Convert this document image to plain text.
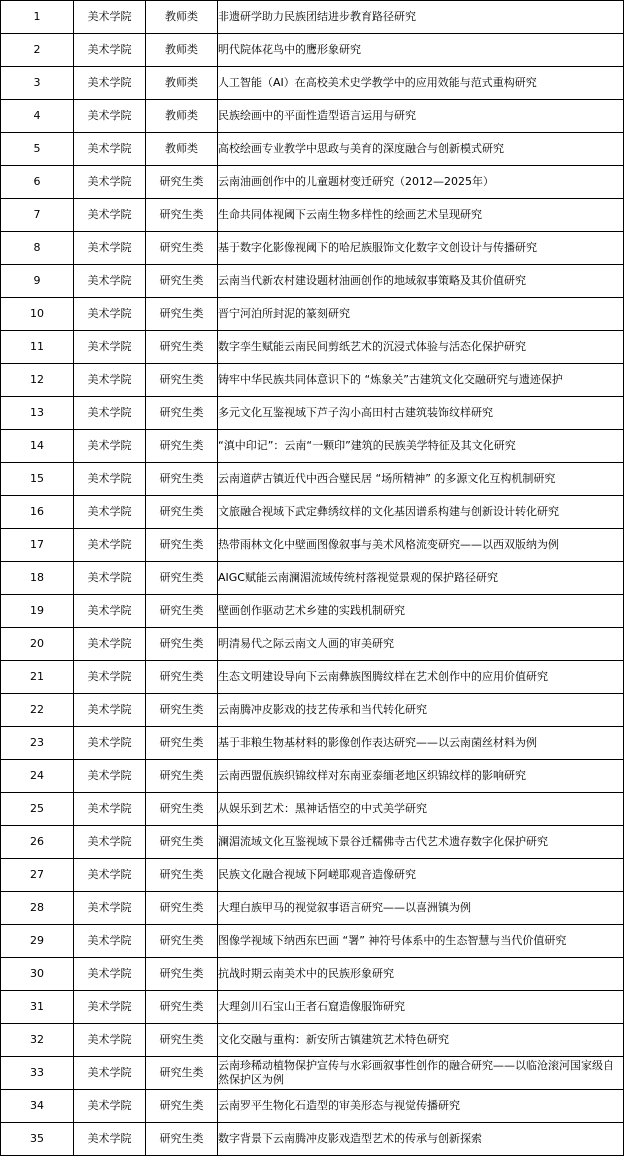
1	美术学院	教师类	非遗研学助力民族团结进步教育路径研究
2	美术学院	教师类	明代院体花鸟中的鹰形象研究
3	美术学院	教师类	人工智能（AI）在高校美术史学教学中的应用效能与范式重构研究
4	美术学院	教师类	民族绘画中的平面性造型语言运用与研究
5	美术学院	教师类	高校绘画专业教学中思政与美育的深度融合与创新模式研究
6	美术学院	研究生类	云南油画创作中的儿童题材变迁研究（2012—2025年）
7	美术学院	研究生类	生命共同体视阈下云南生物多样性的绘画艺术呈现研究
8	美术学院	研究生类	基于数字化影像视阈下的哈尼族服饰文化数字文创设计与传播研究
9	美术学院	研究生类	云南当代新农村建设题材油画创作的地域叙事策略及其价值研究
10	美术学院	研究生类	晋宁河泊所封泥的篆刻研究
11	美术学院	研究生类	数字孪生赋能云南民间剪纸艺术的沉浸式体验与活态化保护研究
12	美术学院	研究生类	铸牢中华民族共同体意识下的 “炼象关”古建筑文化交融研究与遗迹保护
13	美术学院	研究生类	多元文化互鉴视域下芦子沟小高田村古建筑装饰纹样研究
14	美术学院	研究生类	“滇中印记”：云南“一颗印”建筑的民族美学特征及其文化研究
15	美术学院	研究生类	云南道萨古镇近代中西合璧民居 “场所精神” 的多源文化互构机制研究
16	美术学院	研究生类	文旅融合视域下武定彝绣纹样的文化基因谱系构建与创新设计转化研究
17	美术学院	研究生类	热带雨林文化中壁画图像叙事与美术风格流变研究——以西双版纳为例
18	美术学院	研究生类	AIGC赋能云南澜湄流域传统村落视觉景观的保护路径研究
19	美术学院	研究生类	壁画创作驱动艺术乡建的实践机制研究
20	美术学院	研究生类	明清易代之际云南文人画的审美研究
21	美术学院	研究生类	生态文明建设导向下云南彝族图腾纹样在艺术创作中的应用价值研究
22	美术学院	研究生类	云南腾冲皮影戏的技艺传承和当代转化研究
23	美术学院	研究生类	基于非粮生物基材料的影像创作表达研究——以云南菌丝材料为例
24	美术学院	研究生类	云南西盟佤族织锦纹样对东南亚泰缅老地区织锦纹样的影响研究
25	美术学院	研究生类	从娱乐到艺术：黑神话悟空的中式美学研究
26	美术学院	研究生类	澜湄流域文化互鉴视域下景谷迁糯佛寺古代艺术遗存数字化保护研究
27	美术学院	研究生类	民族文化融合视域下阿嵯耶观音造像研究
28	美术学院	研究生类	大理白族甲马的视觉叙事语言研究——以喜洲镇为例
29	美术学院	研究生类	图像学视域下纳西东巴画 “署” 神符号体系中的生态智慧与当代价值研究
30	美术学院	研究生类	抗战时期云南美术中的民族形象研究
31	美术学院	研究生类	大理剑川石宝山王者石窟造像服饰研究
32	美术学院	研究生类	文化交融与重构：新安所古镇建筑艺术特色研究
33	美术学院	研究生类	云南珍稀动植物保护宣传与水彩画叙事性创作的融合研究——以临沧滚河国家级自然保护区为例
34	美术学院	研究生类	云南罗平生物化石造型的审美形态与视觉传播研究
35	美术学院	研究生类	数字背景下云南腾冲皮影戏造型艺术的传承与创新探索
